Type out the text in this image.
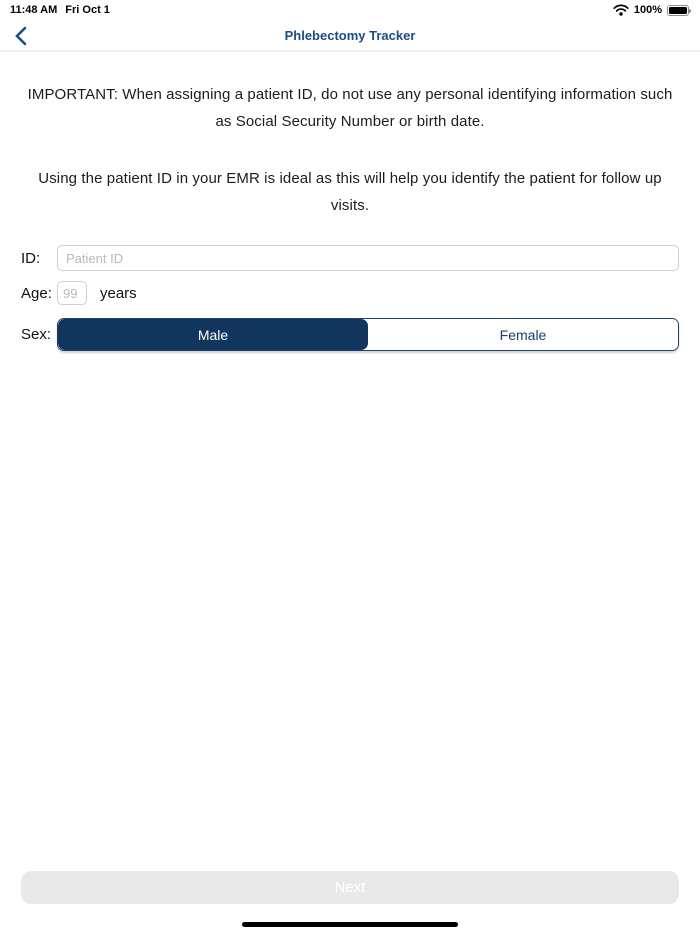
11:48 AM Fri Oct 1	100%
Phlebectomy Tracker

IMPORTANT: When assigning a patient ID, do not use any personal identifying information such as Social Security Number or birth date.

Using the patient ID in your EMR is ideal as this will help you identify the patient for follow up visits.

ID:
Patient ID
Age:
99	years
Sex:	Male	Female
Next
